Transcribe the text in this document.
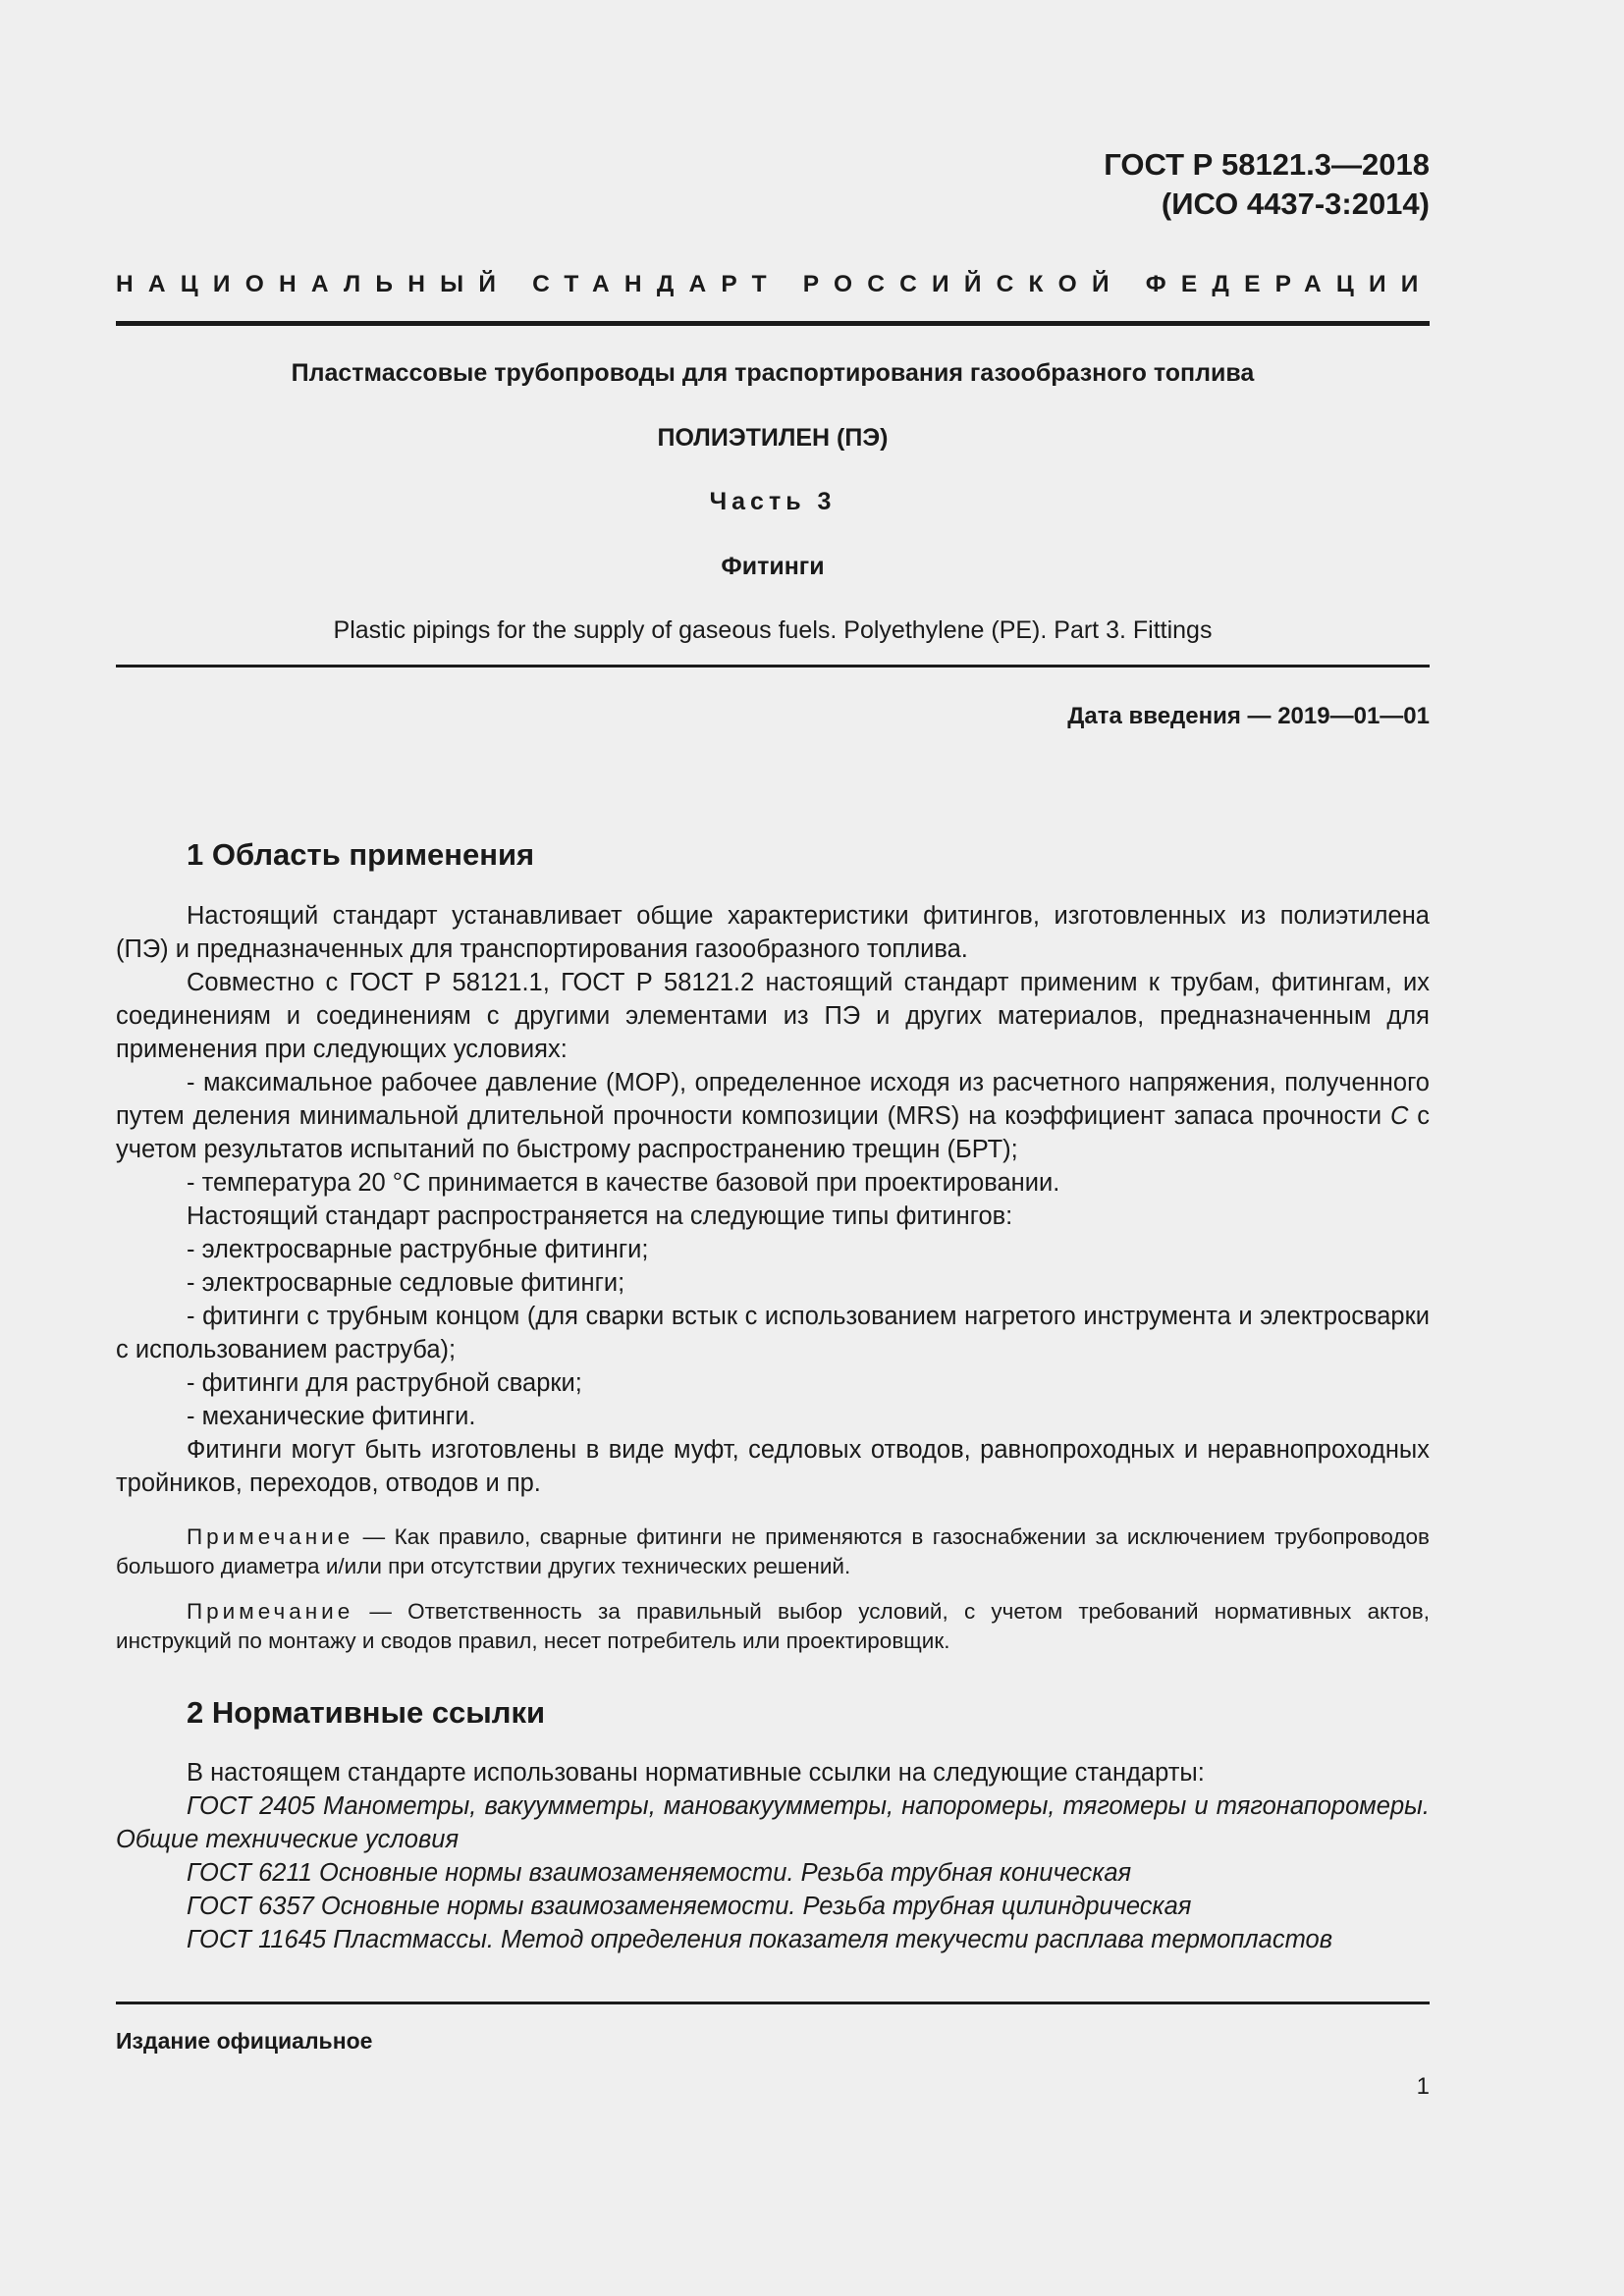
ГОСТ Р 58121.3—2018
(ИСО 4437-3:2014)
НАЦИОНАЛЬНЫЙ СТАНДАРТ РОССИЙСКОЙ ФЕДЕРАЦИИ
Пластмассовые трубопроводы для траспортирования газообразного топлива
ПОЛИЭТИЛЕН (ПЭ)
Часть 3
Фитинги
Plastic pipings for the supply of gaseous fuels. Polyethylene (PE). Part 3. Fittings
Дата введения — 2019—01—01
1 Область применения

Настоящий стандарт устанавливает общие характеристики фитингов, изготовленных из полиэтилена (ПЭ) и предназначенных для транспортирования газообразного топлива.

Совместно с ГОСТ Р 58121.1, ГОСТ Р 58121.2 настоящий стандарт применим к трубам, фитингам, их соединениям и соединениям с другими элементами из ПЭ и других материалов, предназначенным для применения при следующих условиях:

- максимальное рабочее давление (MOP), определенное исходя из расчетного напряжения, полученного путем деления минимальной длительной прочности композиции (MRS) на коэффициент запаса прочности C с учетом результатов испытаний по быстрому распространению трещин (БРТ);

- температура 20 °С принимается в качестве базовой при проектировании.

Настоящий стандарт распространяется на следующие типы фитингов:

- электросварные раструбные фитинги;

- электросварные седловые фитинги;

- фитинги с трубным концом (для сварки встык с использованием нагретого инструмента и электросварки с использованием раструба);

- фитинги для раструбной сварки;

- механические фитинги.

Фитинги могут быть изготовлены в виде муфт, седловых отводов, равнопроходных и неравнопроходных тройников, переходов, отводов и пр.

Примечание — Как правило, сварные фитинги не применяются в газоснабжении за исключением трубопроводов большого диаметра и/или при отсутствии других технических решений.

Примечание — Ответственность за правильный выбор условий, с учетом требований нормативных актов, инструкций по монтажу и сводов правил, несет потребитель или проектировщик.

2 Нормативные ссылки

В настоящем стандарте использованы нормативные ссылки на следующие стандарты:

ГОСТ 2405 Манометры, вакуумметры, мановакуумметры, напоромеры, тягомеры и тягонапоромеры. Общие технические условия

ГОСТ 6211 Основные нормы взаимозаменяемости. Резьба трубная коническая

ГОСТ 6357 Основные нормы взаимозаменяемости. Резьба трубная цилиндрическая

ГОСТ 11645 Пластмассы. Метод определения показателя текучести расплава термопластов

Издание официальное
1
